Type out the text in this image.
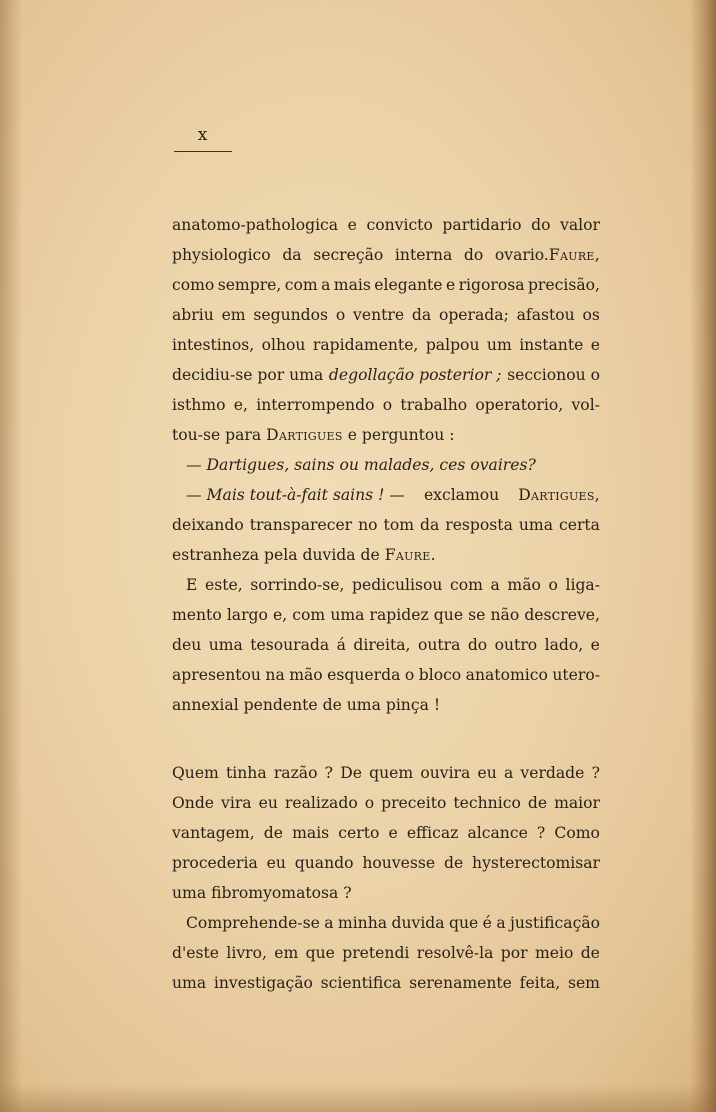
x
anatomo-pathologica e convicto partidario do valor
physiologico da secreção interna do ovario. Faure,
como sempre, com a mais elegante e rigorosa precisão,
abriu em segundos o ventre da operada; afastou os
intestinos, olhou rapidamente, palpou um instante e
decidiu-se por uma degollação posterior ; seccionou o
isthmo e, interrompendo o trabalho operatorio, vol-
tou-se para Dartigues e perguntou :
— Dartigues, sains ou malades, ces ovaires?
— Mais tout-à-fait sains ! — exclamou Dartigues,
deixando transparecer no tom da resposta uma certa
estranheza pela duvida de Faure.
E este, sorrindo-se, pediculisou com a mão o liga-
mento largo e, com uma rapidez que se não descreve,
deu uma tesourada á direita, outra do outro lado, e
apresentou na mão esquerda o bloco anatomico utero-
annexial pendente de uma pinça !
Quem tinha razão ? De quem ouvira eu a verdade ?
Onde vira eu realizado o preceito technico de maior
vantagem, de mais certo e efficaz alcance ? Como
procederia eu quando houvesse de hysterectomisar
uma fibromyomatosa ?
Comprehende-se a minha duvida que é a justificação
d'este livro, em que pretendi resolvê-la por meio de
uma investigação scientifica serenamente feita, sem
